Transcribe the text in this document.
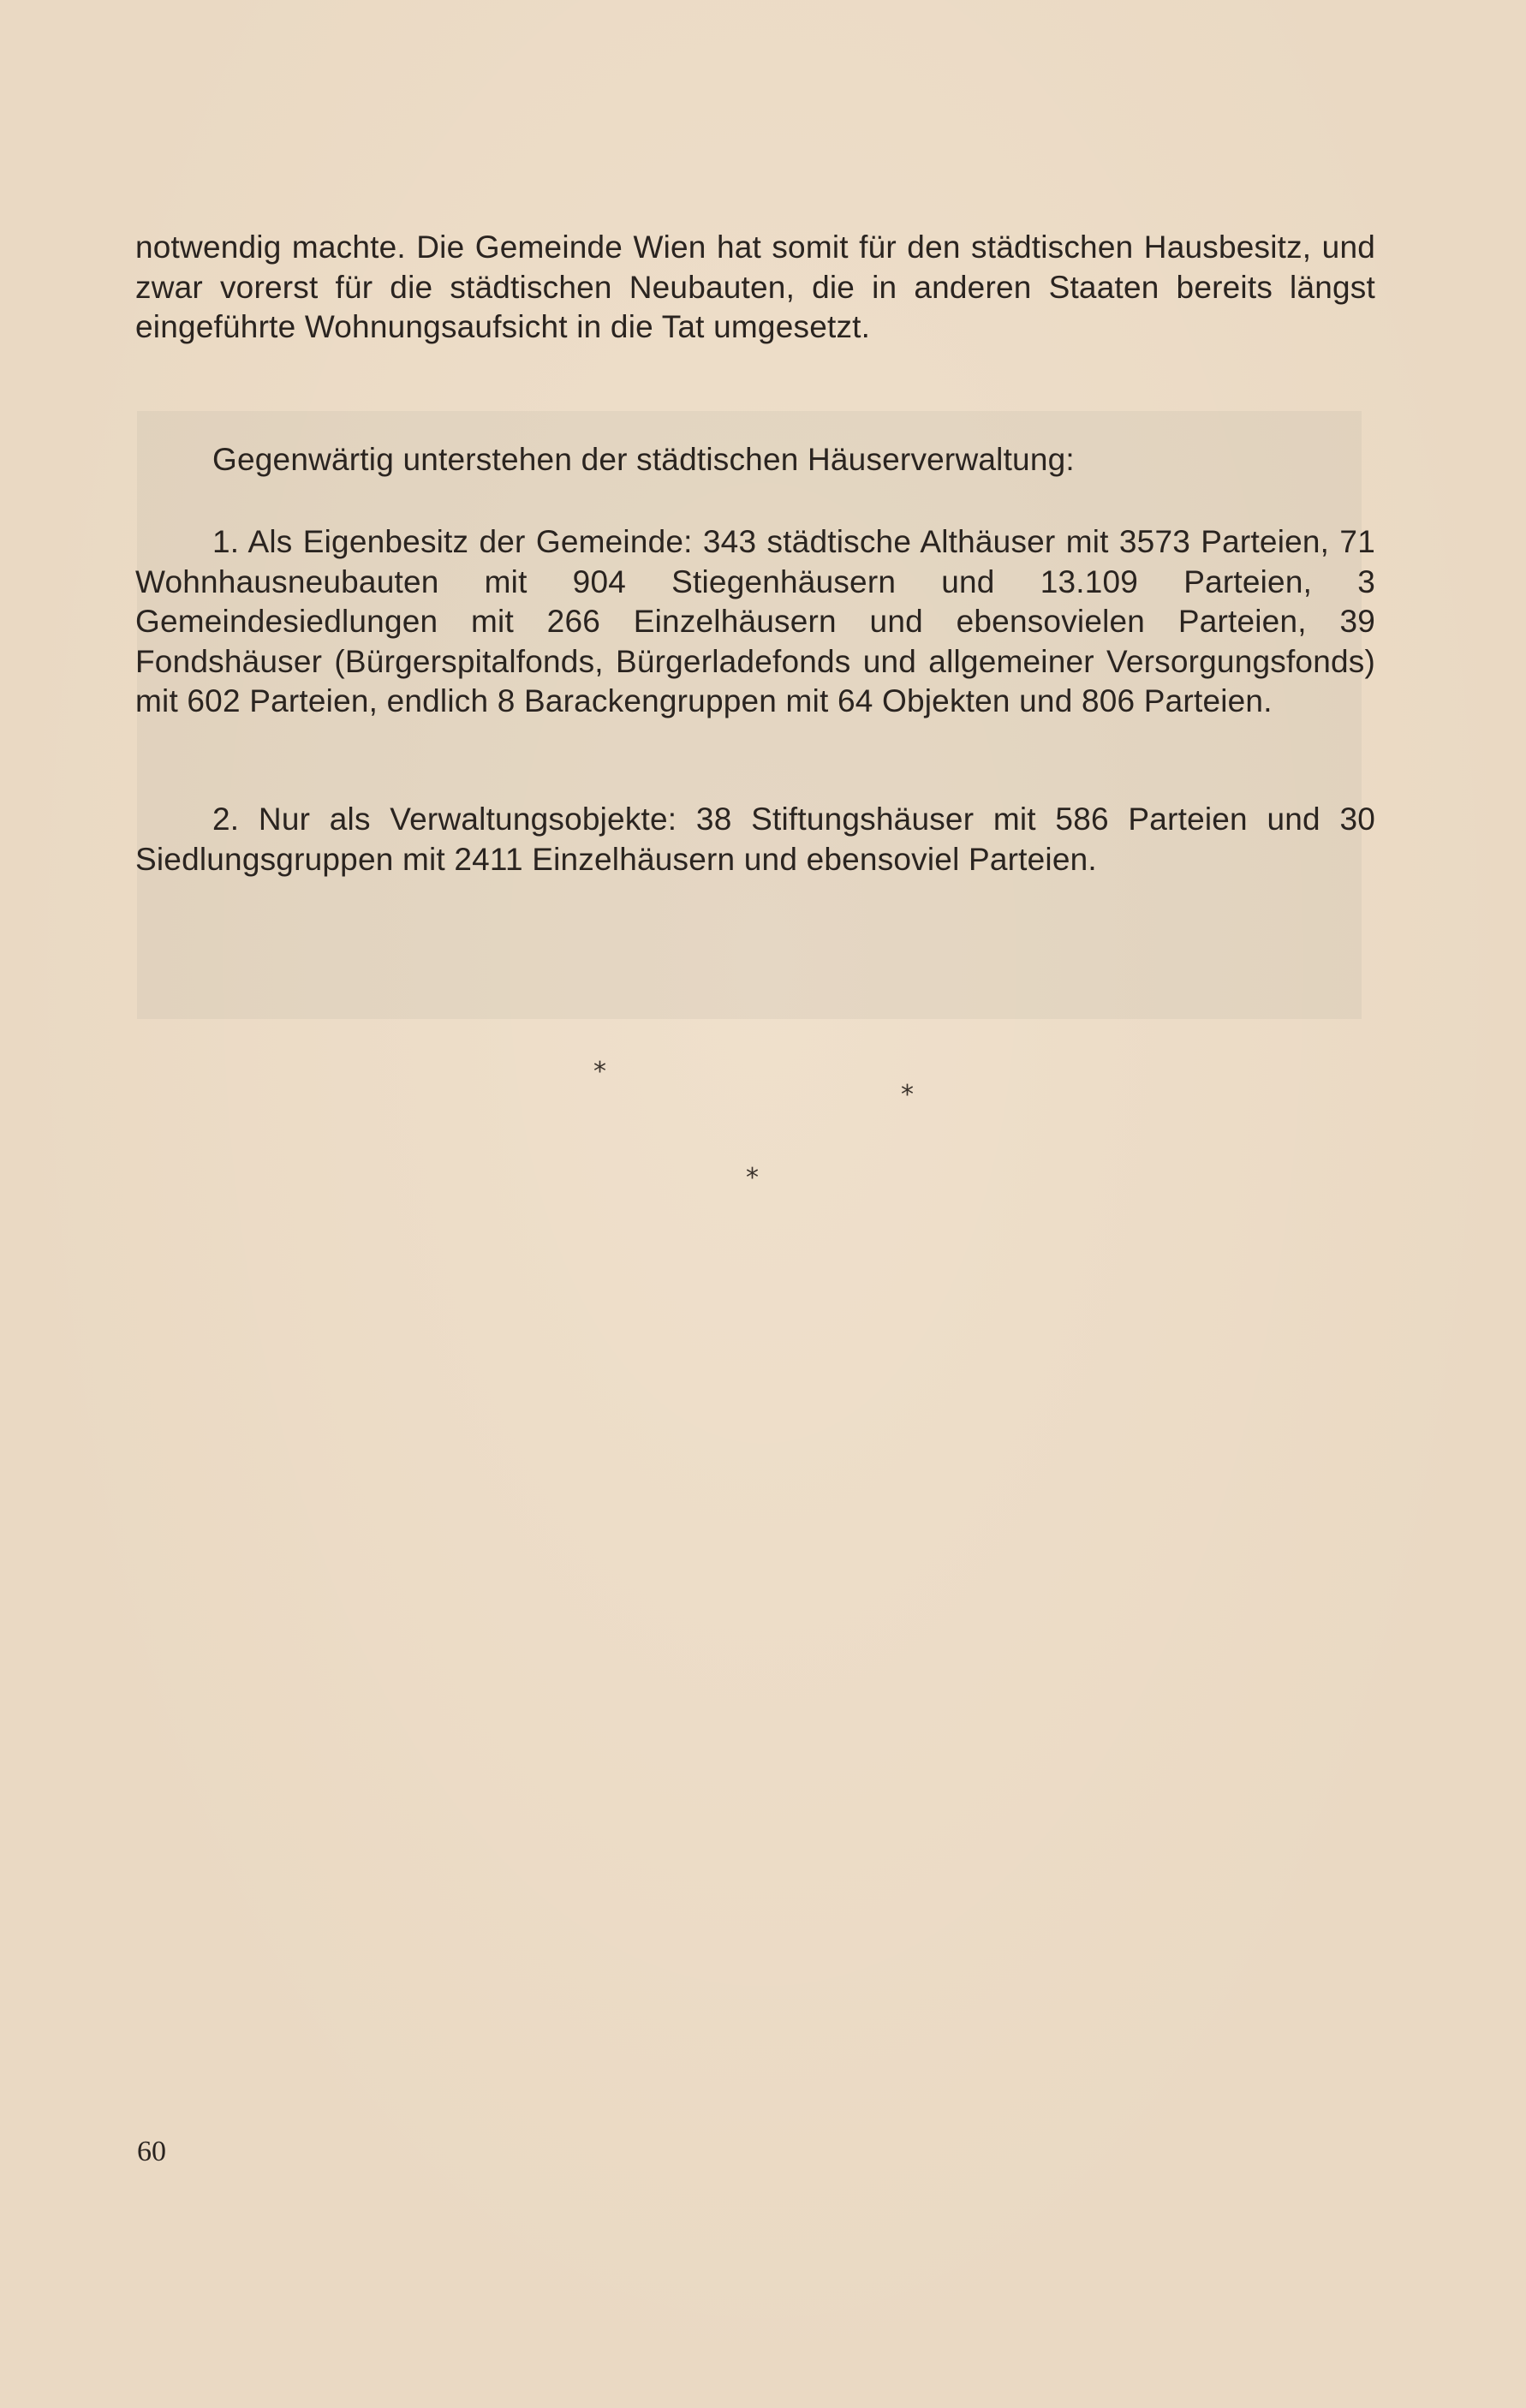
notwendig machte. Die Gemeinde Wien hat somit für den städtischen Hausbesitz, und zwar vorerst für die städtischen Neubauten, die in anderen Staaten bereits längst eingeführte Wohnungsaufsicht in die Tat umgesetzt.

Gegenwärtig unterstehen der städtischen Häuserverwaltung:

1. Als Eigenbesitz der Gemeinde: 343 städtische Althäuser mit 3573 Parteien, 71 Wohnhausneubauten mit 904 Stiegenhäusern und 13.109 Parteien, 3 Gemeindesiedlungen mit 266 Einzelhäusern und ebensovielen Parteien, 39 Fondshäuser (Bürgerspitalfonds, Bürgerladefonds und allgemeiner Versorgungsfonds) mit 602 Parteien, endlich 8 Barackengruppen mit 64 Objekten und 806 Parteien.

2. Nur als Verwaltungsobjekte: 38 Stiftungshäuser mit 586 Parteien und 30 Siedlungsgruppen mit 2411 Einzelhäusern und ebensoviel Parteien.

*
*
*
60
